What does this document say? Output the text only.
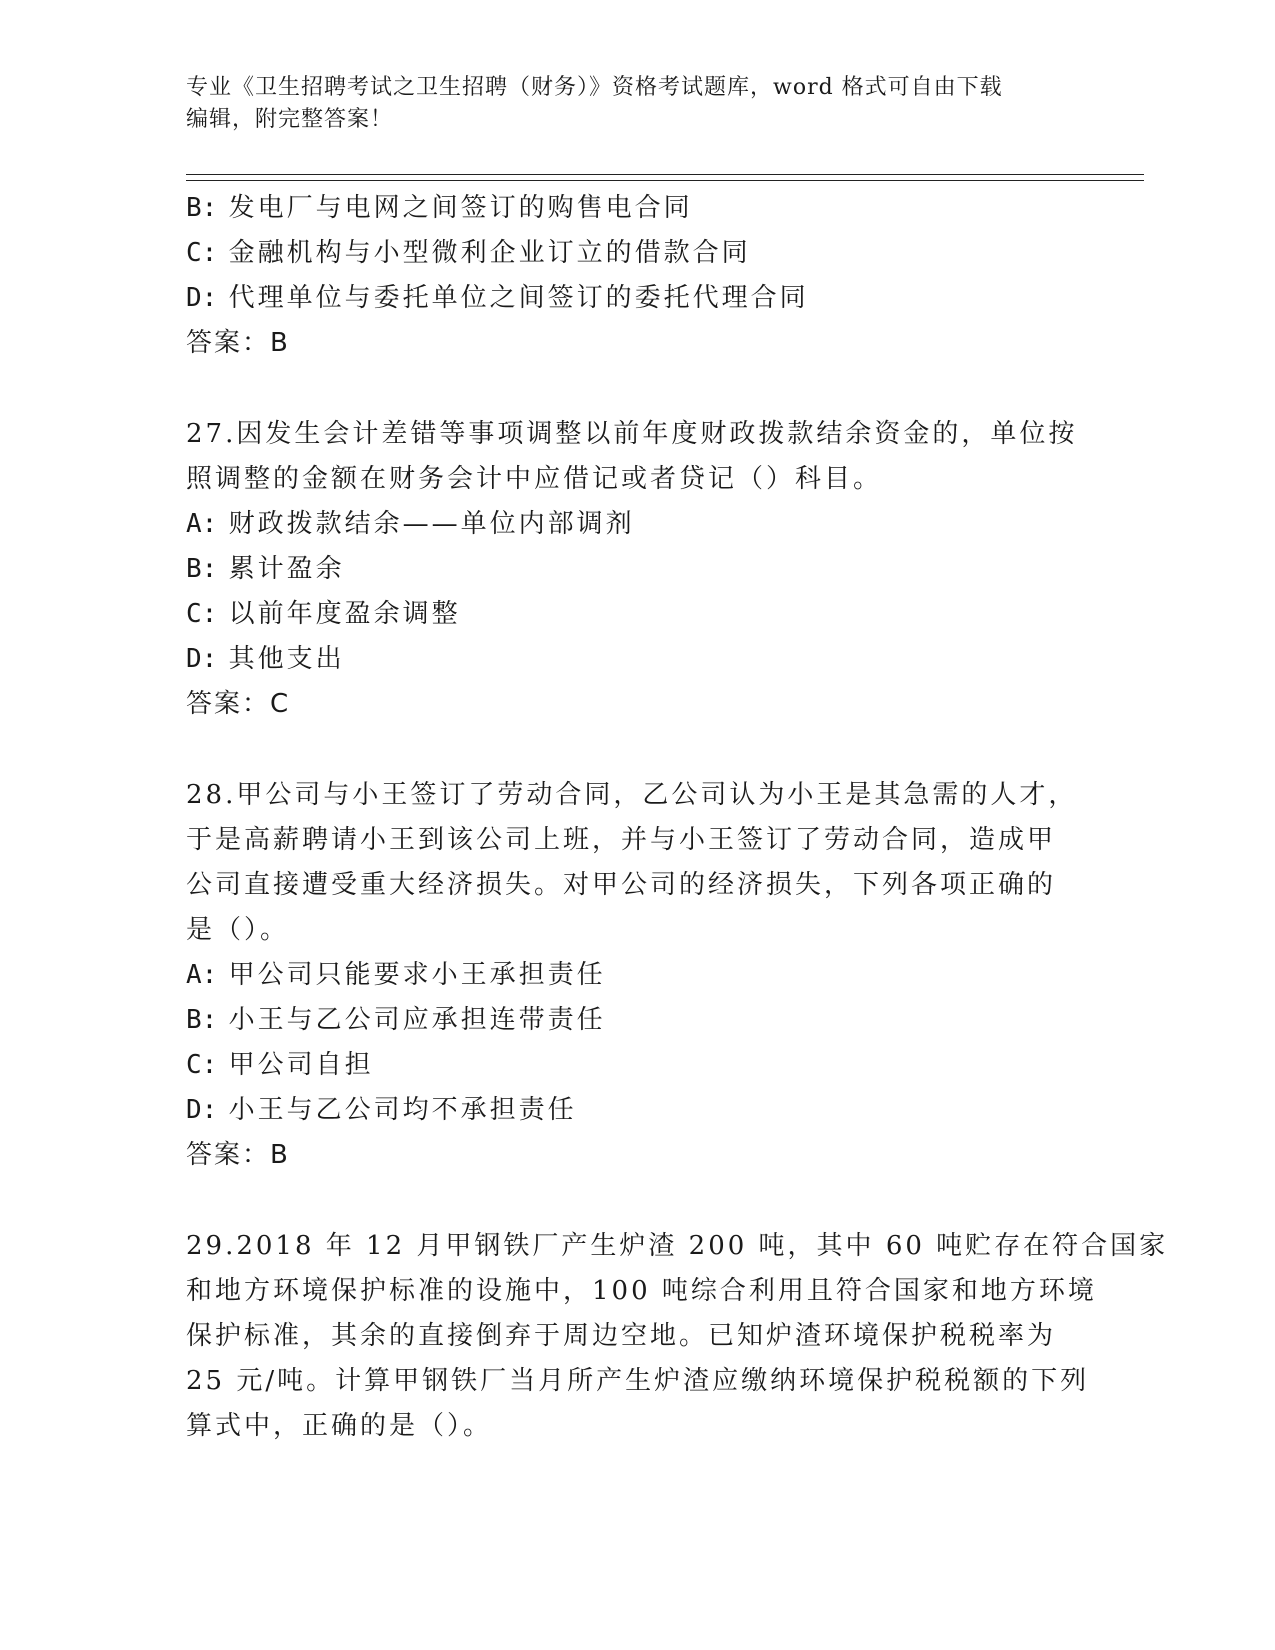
专业《卫生招聘考试之卫生招聘（财务）》资格考试题库，word 格式可自由下载
编辑，附完整答案！
B: 发电厂与电网之间签订的购售电合同
C: 金融机构与小型微利企业订立的借款合同
D: 代理单位与委托单位之间签订的委托代理合同
答案：B
27.因发生会计差错等事项调整以前年度财政拨款结余资金的，单位按
照调整的金额在财务会计中应借记或者贷记（）科目。
A: 财政拨款结余——单位内部调剂
B: 累计盈余
C: 以前年度盈余调整
D: 其他支出
答案：C
28.甲公司与小王签订了劳动合同，乙公司认为小王是其急需的人才，
于是高薪聘请小王到该公司上班，并与小王签订了劳动合同，造成甲
公司直接遭受重大经济损失。对甲公司的经济损失，下列各项正确的
是（）。
A: 甲公司只能要求小王承担责任
B: 小王与乙公司应承担连带责任
C: 甲公司自担
D: 小王与乙公司均不承担责任
答案：B
29.2018 年 12 月甲钢铁厂产生炉渣 200 吨，其中 60 吨贮存在符合国家
和地方环境保护标准的设施中，100 吨综合利用且符合国家和地方环境
保护标准，其余的直接倒弃于周边空地。已知炉渣环境保护税税率为
25 元/吨。计算甲钢铁厂当月所产生炉渣应缴纳环境保护税税额的下列
算式中，正确的是（）。
